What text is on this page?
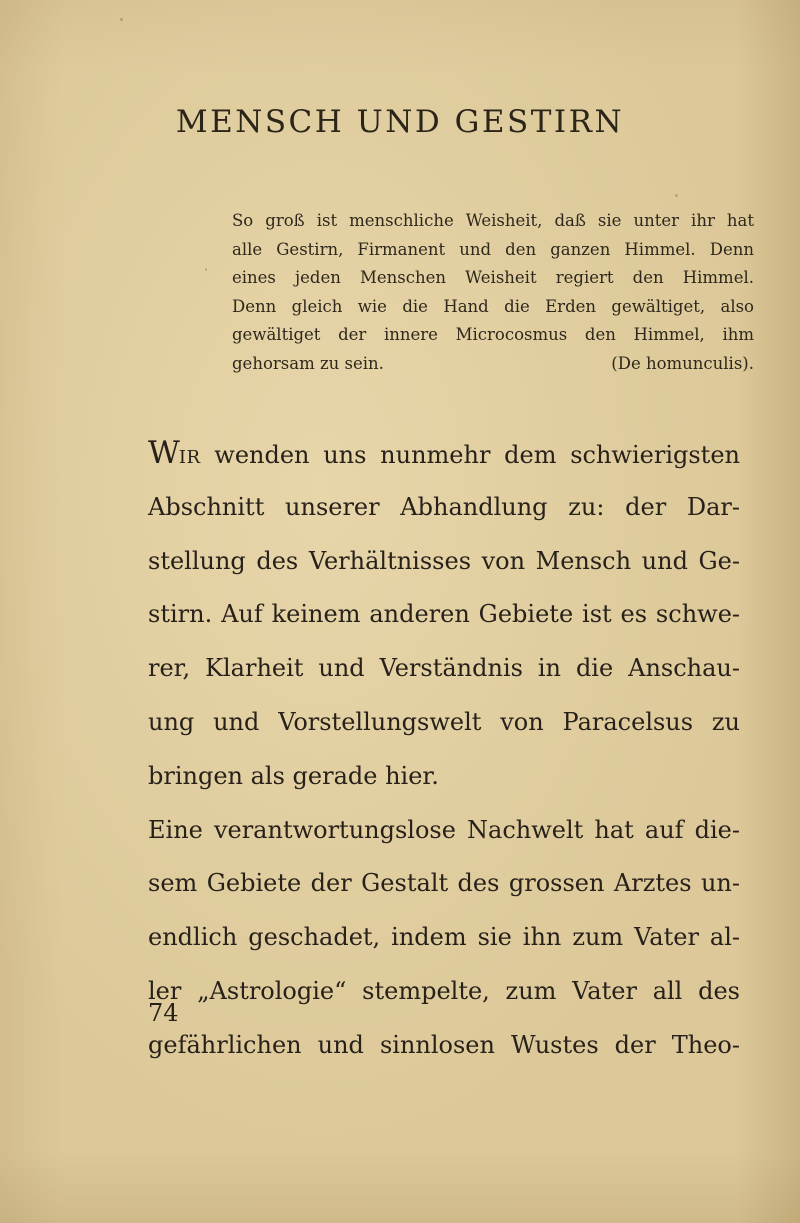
MENSCH UND GESTIRN
So groß ist menschliche Weisheit, daß sie unter ihr hat
alle Gestirn, Firmanent und den ganzen Himmel. Denn
eines jeden Menschen Weisheit regiert den Himmel.
Denn gleich wie die Hand die Erden gewältiget, also
gewältiget der innere Microcosmus den Himmel, ihm
gehorsam zu sein.	(De homunculis).
WIR wenden uns nunmehr dem schwierigsten
Abschnitt unserer Abhandlung zu: der Dar-
stellung des Verhältnisses von Mensch und Ge-
stirn. Auf keinem anderen Gebiete ist es schwe-
rer, Klarheit und Verständnis in die Anschau-
ung und Vorstellungswelt von Paracelsus zu
bringen als gerade hier.
Eine verantwortungslose Nachwelt hat auf die-
sem Gebiete der Gestalt des grossen Arztes un-
endlich geschadet, indem sie ihn zum Vater al-
ler „Astrologie“ stempelte, zum Vater all des
gefährlichen und sinnlosen Wustes der Theo-

74
